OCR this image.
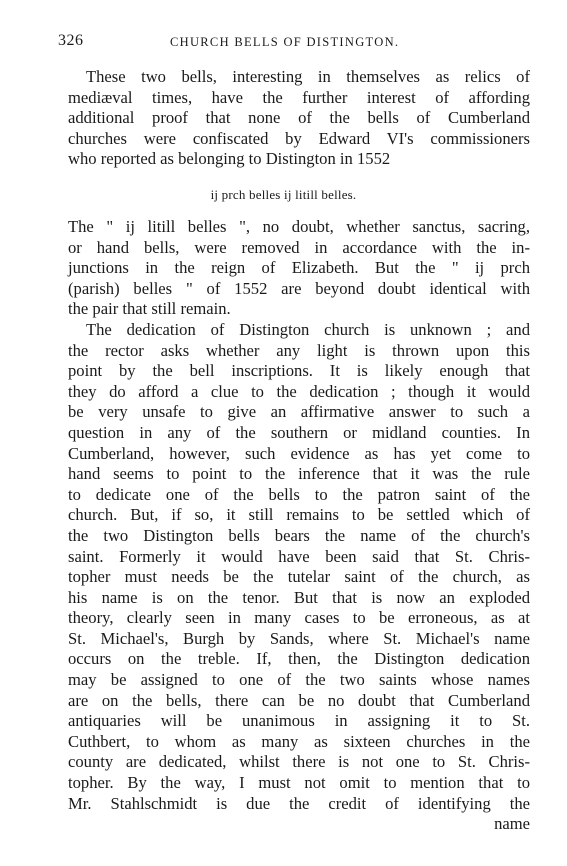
326	CHURCH BELLS OF DISTINGTON.
These two bells, interesting in themselves as relics of
mediæval times, have the further interest of affording
additional proof that none of the bells of Cumberland
churches were confiscated by Edward VI's commissioners
who reported as belonging to Distington in 1552
ij prch belles ij litill belles.
The " ij litill belles ", no doubt, whether sanctus, sacring,
or hand bells, were removed in accordance with the in-
junctions in the reign of Elizabeth. But the " ij prch
(parish) belles " of 1552 are beyond doubt identical with
the pair that still remain.
The dedication of Distington church is unknown ; and
the rector asks whether any light is thrown upon this
point by the bell inscriptions. It is likely enough that
they do afford a clue to the dedication ; though it would
be very unsafe to give an affirmative answer to such a
question in any of the southern or midland counties. In
Cumberland, however, such evidence as has yet come to
hand seems to point to the inference that it was the rule
to dedicate one of the bells to the patron saint of the
church. But, if so, it still remains to be settled which of
the two Distington bells bears the name of the church's
saint. Formerly it would have been said that St. Chris-
topher must needs be the tutelar saint of the church, as
his name is on the tenor. But that is now an exploded
theory, clearly seen in many cases to be erroneous, as at
St. Michael's, Burgh by Sands, where St. Michael's name
occurs on the treble. If, then, the Distington dedication
may be assigned to one of the two saints whose names
are on the bells, there can be no doubt that Cumberland
antiquaries will be unanimous in assigning it to St.
Cuthbert, to whom as many as sixteen churches in the
county are dedicated, whilst there is not one to St. Chris-
topher. By the way, I must not omit to mention that to
Mr. Stahlschmidt is due the credit of identifying the
name
